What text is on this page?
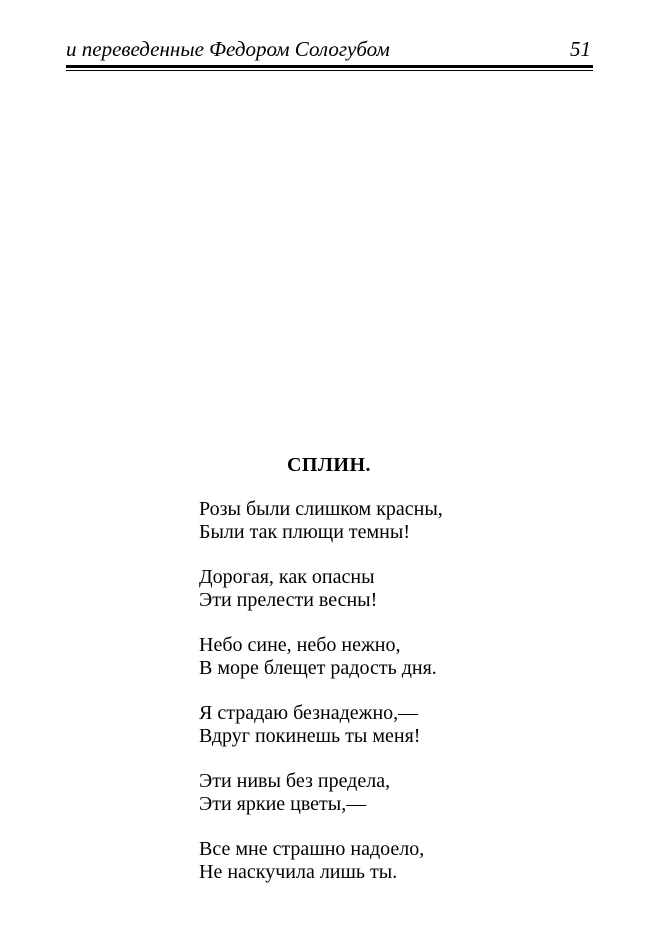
и переведенные Федором Сологубом	51
СПЛИН.
Розы были слишком красны,
Были так плющи темны!
Дорогая, как опасны
Эти прелести весны!
Небо сине, небо нежно,
В море блещет радость дня.
Я страдаю безнадежно,—
Вдруг покинешь ты меня!
Эти нивы без предела,
Эти яркие цветы,—
Все мне страшно надоело,
Не наскучила лишь ты.
